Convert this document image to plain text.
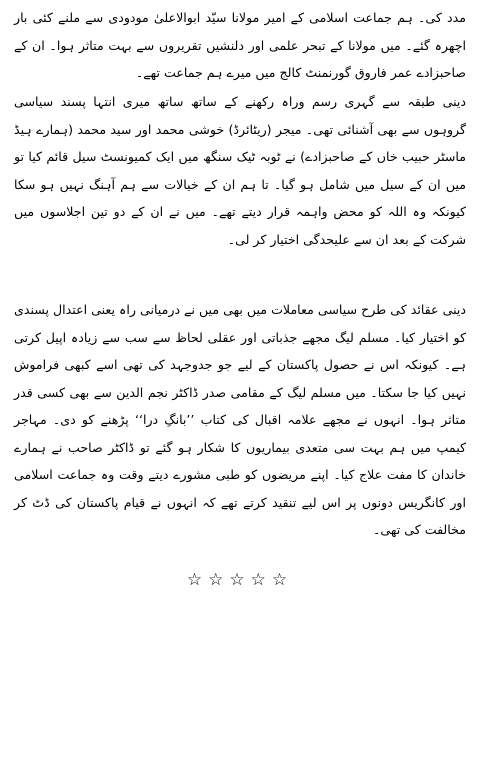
مدد کی۔ ہم جماعت اسلامی کے امیر مولانا سیّد ابوالاعلیٰ مودودی سے ملنے کئی بار اچھرہ گئے۔ میں مولانا کے تبحر علمی اور دلنشیں تقریروں سے بہت متاثر ہوا۔ ان کے صاحبزادے عمر فاروق گورنمنٹ کالج میں میرے ہم جماعت تھے۔

دینی طبقہ سے گہری رسم وراہ رکھنے کے ساتھ ساتھ میری انتہا پسند سیاسی گروہوں سے بھی آشنائی تھی۔ میجر (ریٹائرڈ) خوشی محمد اور سید محمد (ہمارے ہیڈ ماسٹر حبیب خاں کے صاحبزادے) نے ٹوبہ ٹیک سنگھ میں ایک کمیونسٹ سیل قائم کیا تو میں ان کے سیل میں شامل ہو گیا۔ تا ہم ان کے خیالات سے ہم آہنگ نہیں ہو سکا کیونکہ وہ اللہ کو محض واہمہ قرار دیتے تھے۔ میں نے ان کے دو تین اجلاسوں میں شرکت کے بعد ان سے علیحدگی اختیار کر لی۔

دینی عقائد کی طرح سیاسی معاملات میں بھی میں نے درمیانی راہ یعنی اعتدال پسندی کو اختیار کیا۔ مسلم لیگ مجھے جذباتی اور عقلی لحاظ سے سب سے زیادہ اپیل کرتی ہے۔ کیونکہ اس نے حصول پاکستان کے لیے جو جدوجہد کی تھی اسے کبھی فراموش نہیں کیا جا سکتا۔ میں مسلم لیگ کے مقامی صدر ڈاکٹر نجم الدین سے بھی کسی قدر متاثر ہوا۔ انہوں نے مجھے علامہ اقبال کی کتاب ’’بانگِ درا‘‘ پڑھنے کو دی۔ مہاجر کیمپ میں ہم بہت سی متعدی بیماریوں کا شکار ہو گئے تو ڈاکٹر صاحب نے ہمارے خاندان کا مفت علاج کیا۔ اپنے مریضوں کو طبی مشورے دیتے وقت وہ جماعت اسلامی اور کانگریس دونوں پر اس لیے تنقید کرتے تھے کہ انہوں نے قیام پاکستان کی ڈٹ کر مخالفت کی تھی۔

☆☆☆☆☆
